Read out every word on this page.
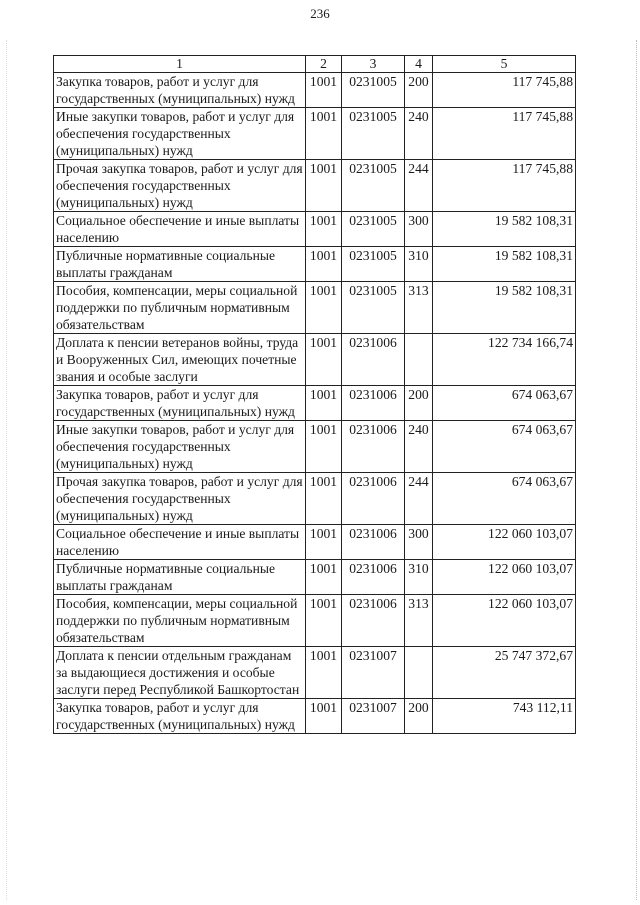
236
1	2	3	4	5
Закупка товаров, работ и услуг для государственных (муниципальных) нужд	1001	0231005	200	117 745,88
Иные закупки товаров, работ и услуг для обеспечения государственных (муниципальных) нужд	1001	0231005	240	117 745,88
Прочая закупка товаров, работ и услуг для обеспечения государственных (муниципальных) нужд	1001	0231005	244	117 745,88
Социальное обеспечение и иные выплаты населению	1001	0231005	300	19 582 108,31
Публичные нормативные социальные выплаты гражданам	1001	0231005	310	19 582 108,31
Пособия, компенсации, меры социальной поддержки по публичным нормативным обязательствам	1001	0231005	313	19 582 108,31
Доплата к пенсии ветеранов войны, труда и Вооруженных Сил, имеющих почетные звания и особые заслуги	1001	0231006		122 734 166,74
Закупка товаров, работ и услуг для государственных (муниципальных) нужд	1001	0231006	200	674 063,67
Иные закупки товаров, работ и услуг для обеспечения государственных (муниципальных) нужд	1001	0231006	240	674 063,67
Прочая закупка товаров, работ и услуг для обеспечения государственных (муниципальных) нужд	1001	0231006	244	674 063,67
Социальное обеспечение и иные выплаты населению	1001	0231006	300	122 060 103,07
Публичные нормативные социальные выплаты гражданам	1001	0231006	310	122 060 103,07
Пособия, компенсации, меры социальной поддержки по публичным нормативным обязательствам	1001	0231006	313	122 060 103,07
Доплата к пенсии отдельным гражданам за выдающиеся достижения и особые заслуги перед Республикой Башкортостан	1001	0231007		25 747 372,67
Закупка товаров, работ и услуг для государственных (муниципальных) нужд	1001	0231007	200	743 112,11
